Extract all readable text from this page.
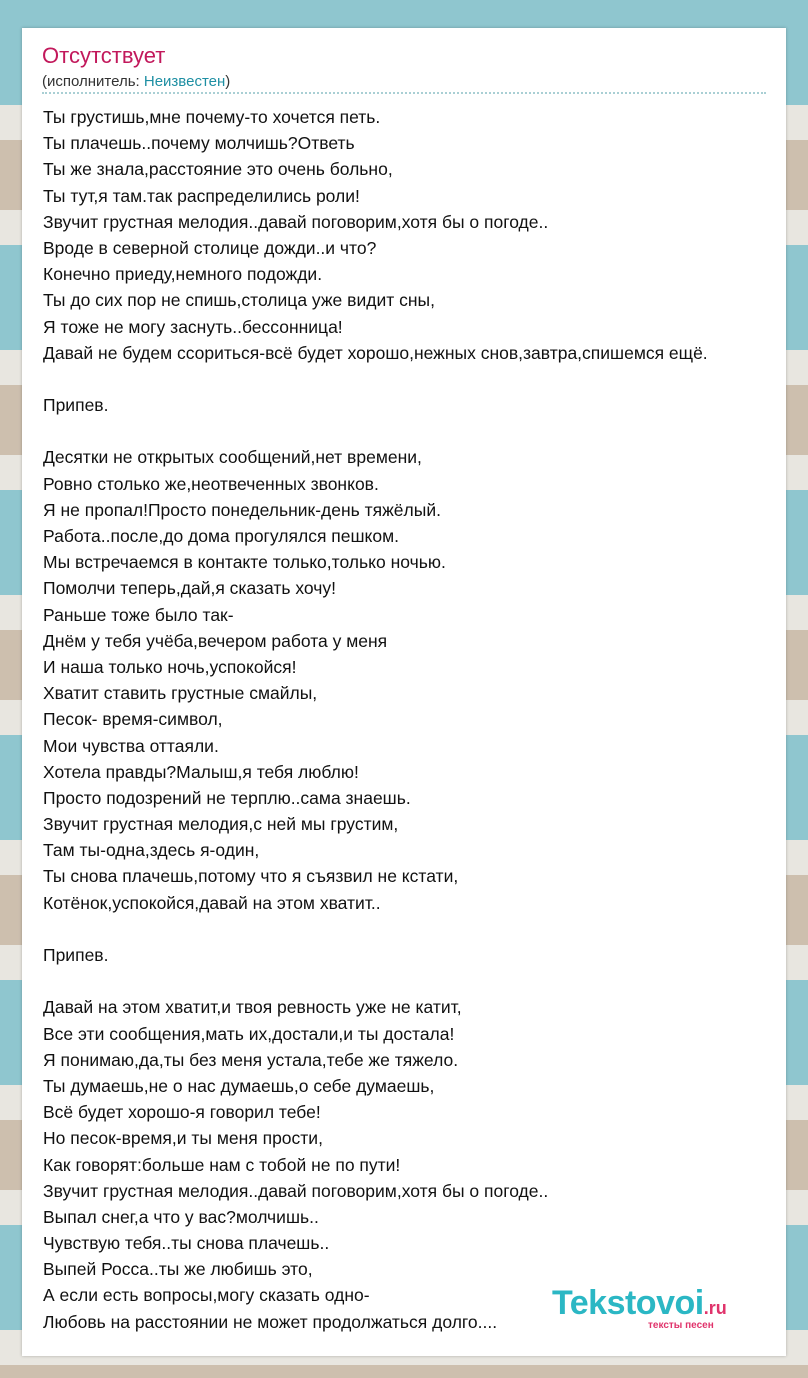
Отсутствует
(исполнитель: Неизвестен)
Ты грустишь,мне почему-то хочется петь.
Ты плачешь..почему молчишь?Ответь
Ты же знала,расстояние это очень больно,
Ты тут,я там.так распределились роли!
Звучит грустная мелодия..давай поговорим,хотя бы о погоде..
Вроде в северной столице дожди..и что?
Конечно приеду,немного подожди.
Ты до сих пор не спишь,столица уже видит сны,
Я тоже не могу заснуть..бессонница!
Давай не будем ссориться-всё будет хорошо,нежных снов,завтра,спишемся ещё.
Припев.
Десятки не открытых сообщений,нет времени,
Ровно столько же,неотвеченных звонков.
Я не пропал!Просто понедельник-день тяжёлый.
Работа..после,до дома прогулялся пешком.
Мы встречаемся в контакте только,только ночью.
Помолчи теперь,дай,я сказать хочу!
Раньше тоже было так-
Днём у тебя учёба,вечером работа у меня
И наша только ночь,успокойся!
Хватит ставить грустные смайлы,
Песок- время-символ,
Мои чувства оттаяли.
Хотела правды?Малыш,я тебя люблю!
Просто подозрений не терплю..сама знаешь.
Звучит грустная мелодия,с ней мы грустим,
Там ты-одна,здесь я-один,
Ты снова плачешь,потому что я съязвил не кстати,
Котёнок,успокойся,давай на этом хватит..
Припев.
Давай на этом хватит,и твоя ревность уже не катит,
Все эти сообщения,мать их,достали,и ты достала!
Я понимаю,да,ты без меня устала,тебе же тяжело.
Ты думаешь,не о нас думаешь,о себе думаешь,
Всё будет хорошо-я говорил тебе!
Но песок-время,и ты меня прости,
Как говорят:больше нам с тобой не по пути!
Звучит грустная мелодия..давай поговорим,хотя бы о погоде..
Выпал снег,а что у вас?молчишь..
Чувствую тебя..ты снова плачешь..
Выпей Росса..ты же любишь это,
А если есть вопросы,могу сказать одно-
Любовь на расстоянии не может продолжаться долго....	Tekstovoi.ru
тексты песен
